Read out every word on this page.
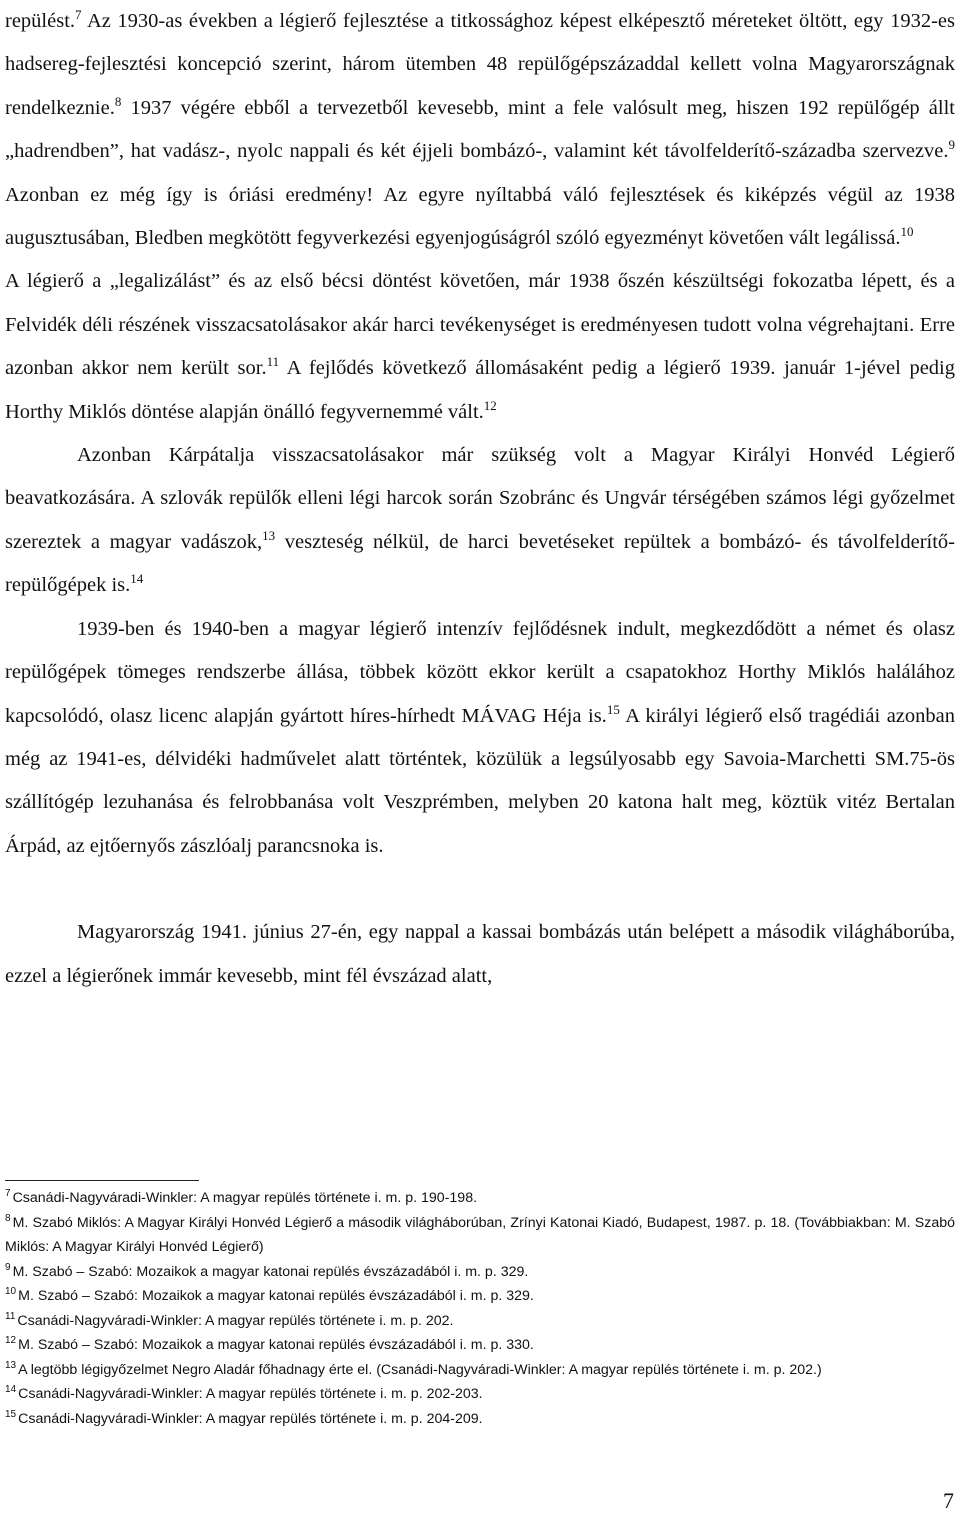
repülést.$^7$ Az 1930-as években a légierő fejlesztése a titkossághoz képest elképesztő méreteket öltött, egy 1932-es hadsereg-fejlesztési koncepció szerint, három ütemben 48 repülőgépszázaddal kellett volna Magyarországnak rendelkeznie.$^8$ 1937 végére ebből a tervezetből kevesebb, mint a fele valósult meg, hiszen 192 repülőgép állt „hadrendben”, hat vadász-, nyolc nappali és két éjjeli bombázó-, valamint két távolfelderítő-századba szervezve.$^9$ Azonban ez még így is óriási eredmény! Az egyre nyíltabbá váló fejlesztések és kiképzés végül az 1938 augusztusában, Bledben megkötött fegyverkezési egyenjogúságról szóló egyezményt követően vált legálissá.$^{10}$

A légierő a „legalizálást” és az első bécsi döntést követően, már 1938 őszén készültségi fokozatba lépett, és a Felvidék déli részének visszacsatolásakor akár harci tevékenységet is eredményesen tudott volna végrehajtani. Erre azonban akkor nem került sor.$^{11}$ A fejlődés következő állomásaként pedig a légierő 1939. január 1-jével pedig Horthy Miklós döntése alapján önálló fegyvernemmé vált.$^{12}$

Azonban Kárpátalja visszacsatolásakor már szükség volt a Magyar Királyi Honvéd Légierő beavatkozására. A szlovák repülők elleni légi harcok során Szobránc és Ungvár térségében számos légi győzelmet szereztek a magyar vadászok,$^{13}$ veszteség nélkül, de harci bevetéseket repültek a bombázó- és távolfelderítő-repülőgépek is.$^{14}$

1939-ben és 1940-ben a magyar légierő intenzív fejlődésnek indult, megkezdődött a német és olasz repülőgépek tömeges rendszerbe állása, többek között ekkor került a csapatokhoz Horthy Miklós halálához kapcsolódó, olasz licenc alapján gyártott híres-hírhedt MÁVAG Héja is.$^{15}$ A királyi légierő első tragédiái azonban még az 1941-es, délvidéki hadművelet alatt történtek, közülük a legsúlyosabb egy Savoia-Marchetti SM.75-ös szállítógép lezuhanása és felrobbanása volt Veszprémben, melyben 20 katona halt meg, köztük vitéz Bertalan Árpád, az ejtőernyős zászlóalj parancsnoka is.

Magyarország 1941. június 27-én, egy nappal a kassai bombázás után belépett a második világháborúba, ezzel a légierőnek immár kevesebb, mint fél évszázad alatt,

$^7$ Csanádi-Nagyváradi-Winkler: A magyar repülés története i. m. p. 190-198.

$^8$ M. Szabó Miklós: A Magyar Királyi Honvéd Légierő a második világháborúban, Zrínyi Katonai Kiadó, Budapest, 1987. p. 18. (Továbbiakban: M. Szabó Miklós: A Magyar Királyi Honvéd Légierő)

$^9$ M. Szabó – Szabó: Mozaikok a magyar katonai repülés évszázadából i. m. p. 329.

$^{10}$ M. Szabó – Szabó: Mozaikok a magyar katonai repülés évszázadából i. m. p. 329.

$^{11}$ Csanádi-Nagyváradi-Winkler: A magyar repülés története i. m. p. 202.

$^{12}$ M. Szabó – Szabó: Mozaikok a magyar katonai repülés évszázadából i. m. p. 330.

$^{13}$ A legtöbb légigyőzelmet Negro Aladár főhadnagy érte el. (Csanádi-Nagyváradi-Winkler: A magyar repülés története i. m. p. 202.)

$^{14}$ Csanádi-Nagyváradi-Winkler: A magyar repülés története i. m. p. 202-203.

$^{15}$ Csanádi-Nagyváradi-Winkler: A magyar repülés története i. m. p. 204-209.

7
